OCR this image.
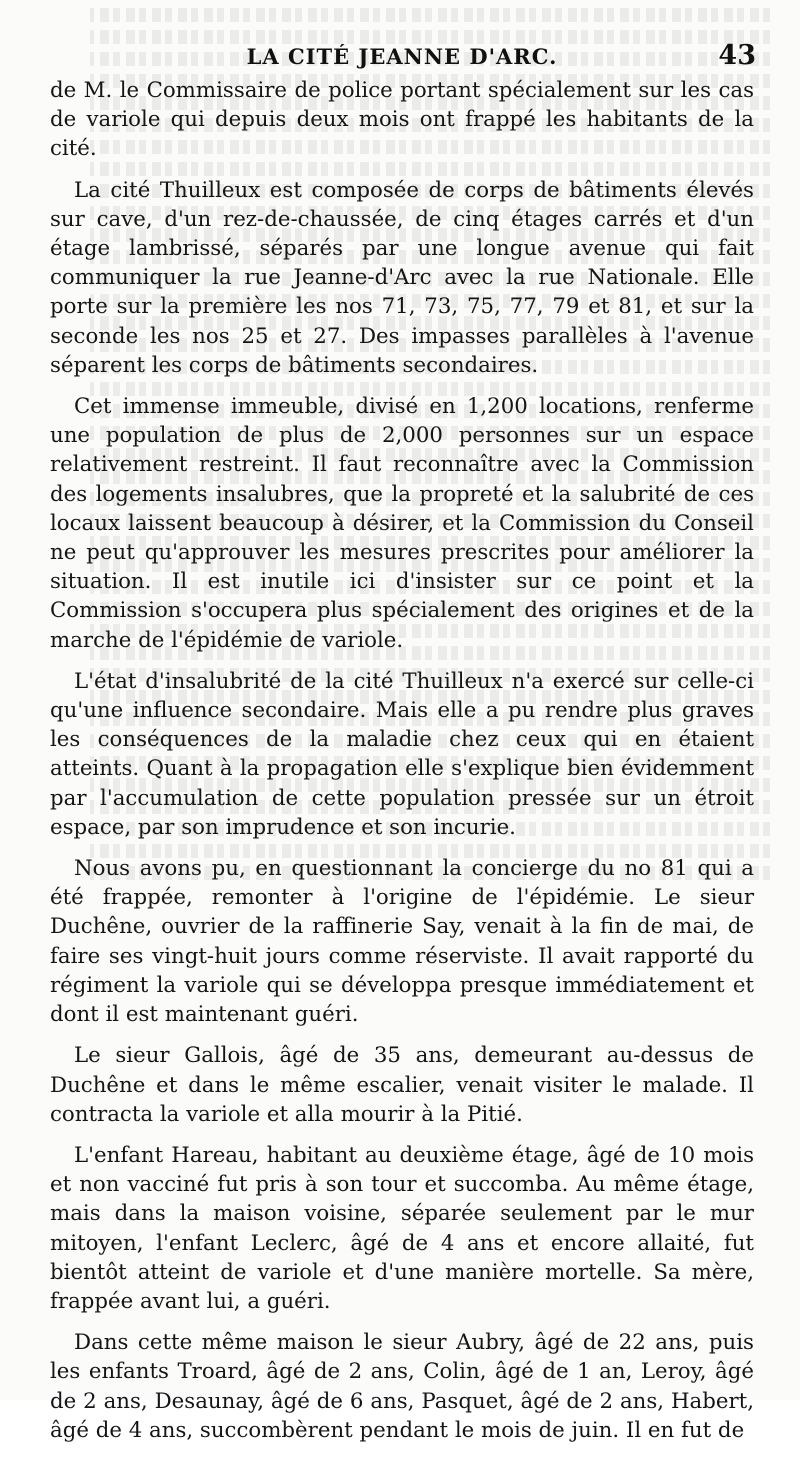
LA CITÉ JEANNE D'ARC.	43

de M. le Commissaire de police portant spécialement sur les cas de variole qui depuis deux mois ont frappé les habitants de la cité.

La cité Thuilleux est composée de corps de bâtiments élevés sur cave, d'un rez-de-chaussée, de cinq étages carrés et d'un étage lambrissé, séparés par une longue avenue qui fait communiquer la rue Jeanne-d'Arc avec la rue Nationale. Elle porte sur la première les nos 71, 73, 75, 77, 79 et 81, et sur la seconde les nos 25 et 27. Des impasses parallèles à l'avenue séparent les corps de bâtiments secondaires.

Cet immense immeuble, divisé en 1,200 locations, renferme une population de plus de 2,000 personnes sur un espace relativement restreint. Il faut reconnaître avec la Commission des logements insalubres, que la propreté et la salubrité de ces locaux laissent beaucoup à désirer, et la Commission du Conseil ne peut qu'approuver les mesures prescrites pour améliorer la situation. Il est inutile ici d'insister sur ce point et la Commission s'occupera plus spécialement des origines et de la marche de l'épidémie de variole.

L'état d'insalubrité de la cité Thuilleux n'a exercé sur celle-ci qu'une influence secondaire. Mais elle a pu rendre plus graves les conséquences de la maladie chez ceux qui en étaient atteints. Quant à la propagation elle s'explique bien évidemment par l'accumulation de cette population pressée sur un étroit espace, par son imprudence et son incurie.

Nous avons pu, en questionnant la concierge du no 81 qui a été frappée, remonter à l'origine de l'épidémie. Le sieur Duchêne, ouvrier de la raffinerie Say, venait à la fin de mai, de faire ses vingt-huit jours comme réserviste. Il avait rapporté du régiment la variole qui se développa presque immédiatement et dont il est maintenant guéri.

Le sieur Gallois, âgé de 35 ans, demeurant au-dessus de Duchêne et dans le même escalier, venait visiter le malade. Il contracta la variole et alla mourir à la Pitié.

L'enfant Hareau, habitant au deuxième étage, âgé de 10 mois et non vacciné fut pris à son tour et succomba. Au même étage, mais dans la maison voisine, séparée seulement par le mur mitoyen, l'enfant Leclerc, âgé de 4 ans et encore allaité, fut bientôt atteint de variole et d'une manière mortelle. Sa mère, frappée avant lui, a guéri.

Dans cette même maison le sieur Aubry, âgé de 22 ans, puis les enfants Troard, âgé de 2 ans, Colin, âgé de 1 an, Leroy, âgé de 2 ans, Desaunay, âgé de 6 ans, Pasquet, âgé de 2 ans, Habert, âgé de 4 ans, succombèrent pendant le mois de juin. Il en fut de
